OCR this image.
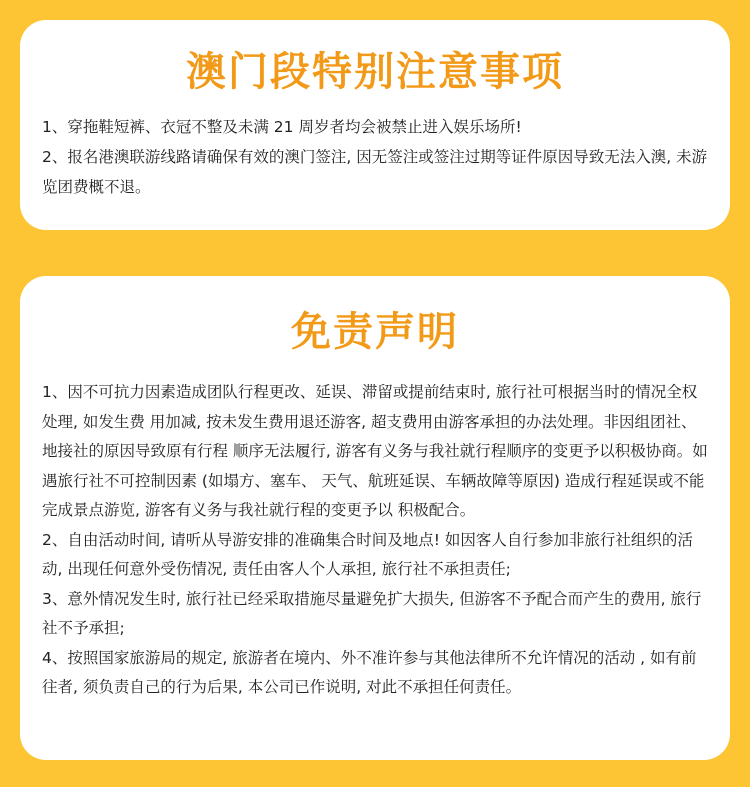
澳门段特别注意事项

1、穿拖鞋短裤、衣冠不整及未满 21 周岁者均会被禁止进入娱乐场所!

2、报名港澳联游线路请确保有效的澳门签注, 因无签注或签注过期等证件原因导致无法入澳, 未游览团费概不退。

免责声明

1、因不可抗力因素造成团队行程更改、延误、滞留或提前结束时, 旅行社可根据当时的情况全权处理, 如发生费 用加减, 按未发生费用退还游客, 超支费用由游客承担的办法处理。非因组团社、地接社的原因导致原有行程 顺序无法履行, 游客有义务与我社就行程顺序的变更予以积极协商。如遇旅行社不可控制因素 (如塌方、塞车、 天气、航班延误、车辆故障等原因) 造成行程延误或不能完成景点游览, 游客有义务与我社就行程的变更予以 积极配合。

2、自由活动时间, 请听从导游安排的准确集合时间及地点! 如因客人自行参加非旅行社组织的活动, 出现任何意外受伤情况, 责任由客人个人承担, 旅行社不承担责任;

3、意外情况发生时, 旅行社已经采取措施尽量避免扩大损失, 但游客不予配合而产生的费用, 旅行社不予承担;

4、按照国家旅游局的规定, 旅游者在境内、外不准许参与其他法律所不允许情况的活动 , 如有前往者, 须负责自己的行为后果, 本公司已作说明, 对此不承担任何责任。
